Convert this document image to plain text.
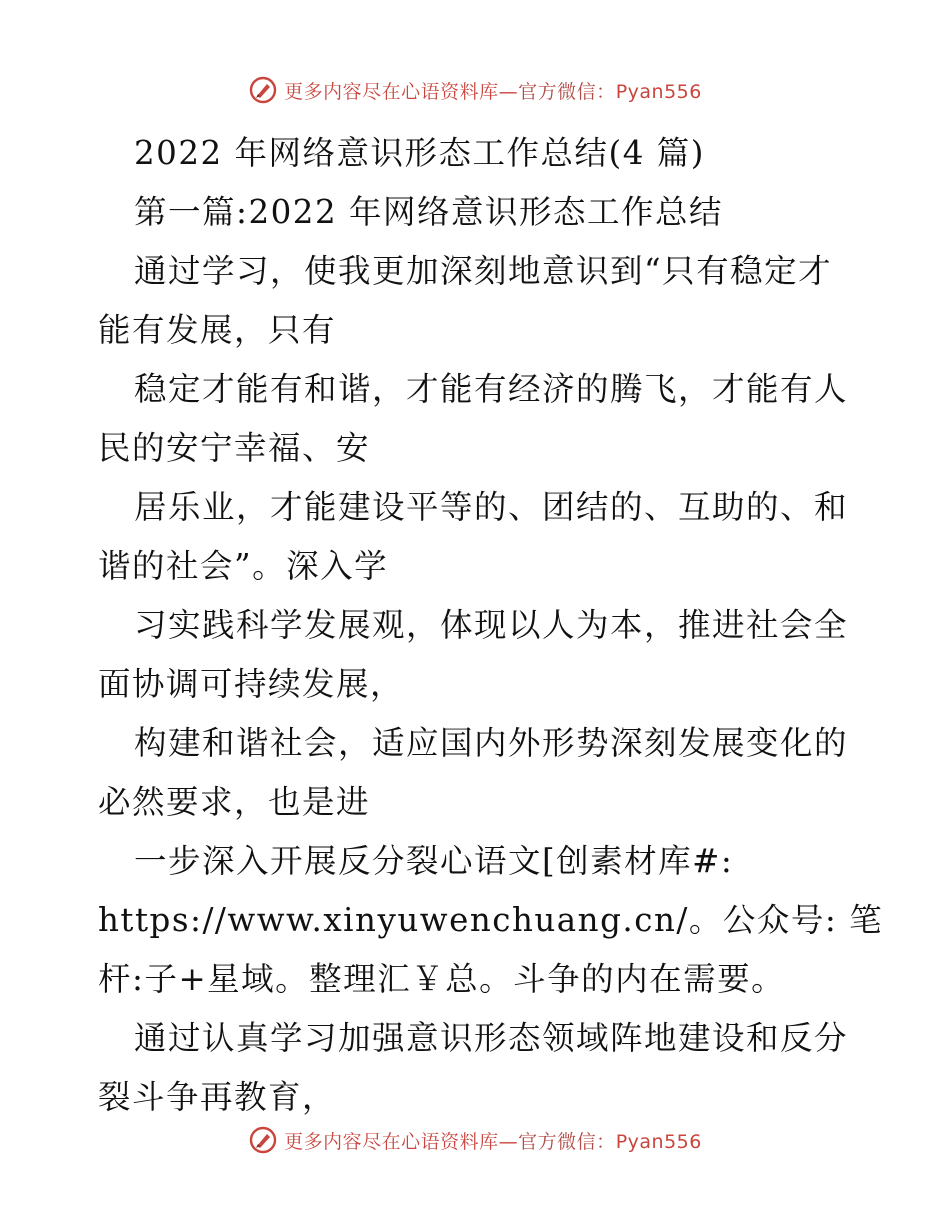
更多内容尽在心语资料库—官方微信：Pyan556
2022 年网络意识形态工作总结(4 篇)
第一篇:2022 年网络意识形态工作总结
通过学习，使我更加深刻地意识到“只有稳定才
能有发展，只有
稳定才能有和谐，才能有经济的腾飞，才能有人
民的安宁幸福、安
居乐业，才能建设平等的、团结的、互助的、和
谐的社会”。深入学
习实践科学发展观，体现以人为本，推进社会全
面协调可持续发展，
构建和谐社会，适应国内外形势深刻发展变化的
必然要求，也是进
一步深入开展反分裂心语文[创素材库#:
https://www.xinyuwenchuang.cn/。公众号: 笔
杆:子+星域。整理汇￥总。斗争的内在需要。
通过认真学习加强意识形态领域阵地建设和反分
裂斗争再教育，
更多内容尽在心语资料库—官方微信：Pyan556
